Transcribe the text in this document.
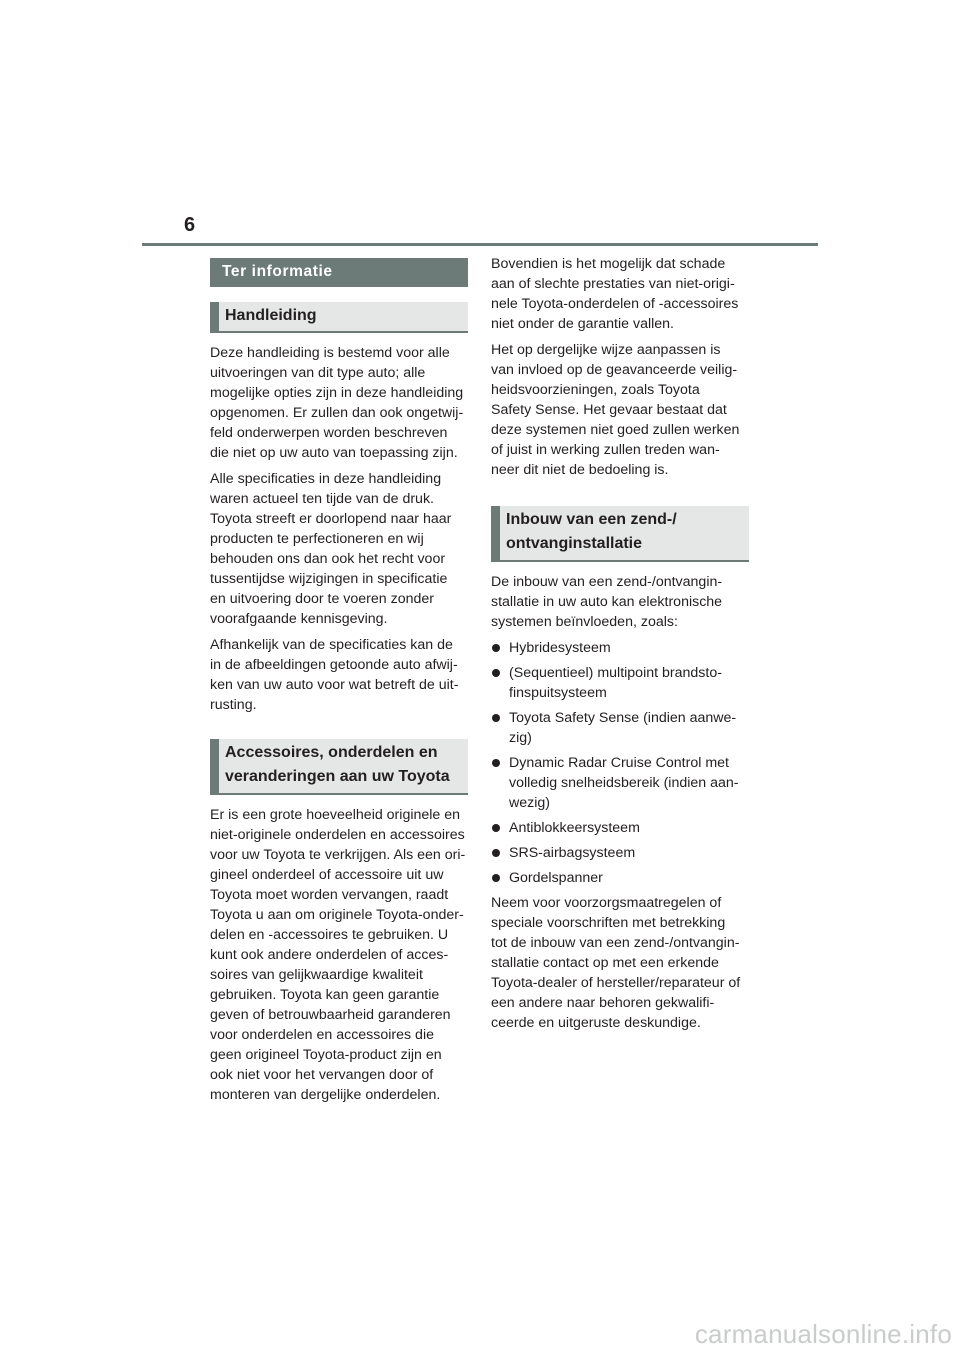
6
Ter informatie
Handleiding

Deze handleiding is bestemd voor alle
uitvoeringen van dit type auto; alle
mogelijke opties zijn in deze handleiding
opgenomen. Er zullen dan ook ongetwij-
feld onderwerpen worden beschreven
die niet op uw auto van toepassing zijn.

Alle specificaties in deze handleiding
waren actueel ten tijde van de druk.
Toyota streeft er doorlopend naar haar
producten te perfectioneren en wij
behouden ons dan ook het recht voor
tussentijdse wijzigingen in specificatie
en uitvoering door te voeren zonder
voorafgaande kennisgeving.

Afhankelijk van de specificaties kan de
in de afbeeldingen getoonde auto afwij-
ken van uw auto voor wat betreft de uit-
rusting.

Accessoires, onderdelen en
veranderingen aan uw Toyota

Er is een grote hoeveelheid originele en
niet-originele onderdelen en accessoires
voor uw Toyota te verkrijgen. Als een ori-
gineel onderdeel of accessoire uit uw
Toyota moet worden vervangen, raadt
Toyota u aan om originele Toyota-onder-
delen en -accessoires te gebruiken. U
kunt ook andere onderdelen of acces-
soires van gelijkwaardige kwaliteit
gebruiken. Toyota kan geen garantie
geven of betrouwbaarheid garanderen
voor onderdelen en accessoires die
geen origineel Toyota-product zijn en
ook niet voor het vervangen door of
monteren van dergelijke onderdelen.

Bovendien is het mogelijk dat schade
aan of slechte prestaties van niet-origi-
nele Toyota-onderdelen of -accessoires
niet onder de garantie vallen.

Het op dergelijke wijze aanpassen is
van invloed op de geavanceerde veilig-
heidsvoorzieningen, zoals Toyota
Safety Sense. Het gevaar bestaat dat
deze systemen niet goed zullen werken
of juist in werking zullen treden wan-
neer dit niet de bedoeling is.

Inbouw van een zend-/
ontvanginstallatie

De inbouw van een zend-/ontvangin-
stallatie in uw auto kan elektronische
systemen beïnvloeden, zoals:

Hybridesysteem
(Sequentieel) multipoint brandsto-
finspuitsysteem
Toyota Safety Sense (indien aanwe-
zig)
Dynamic Radar Cruise Control met
volledig snelheidsbereik (indien aan-
wezig)
Antiblokkeersysteem
SRS-airbagsysteem
Gordelspanner

Neem voor voorzorgsmaatregelen of
speciale voorschriften met betrekking
tot de inbouw van een zend-/ontvangin-
stallatie contact op met een erkende
Toyota-dealer of hersteller/reparateur of
een andere naar behoren gekwalifi-
ceerde en uitgeruste deskundige.

carmanualsonline.info
